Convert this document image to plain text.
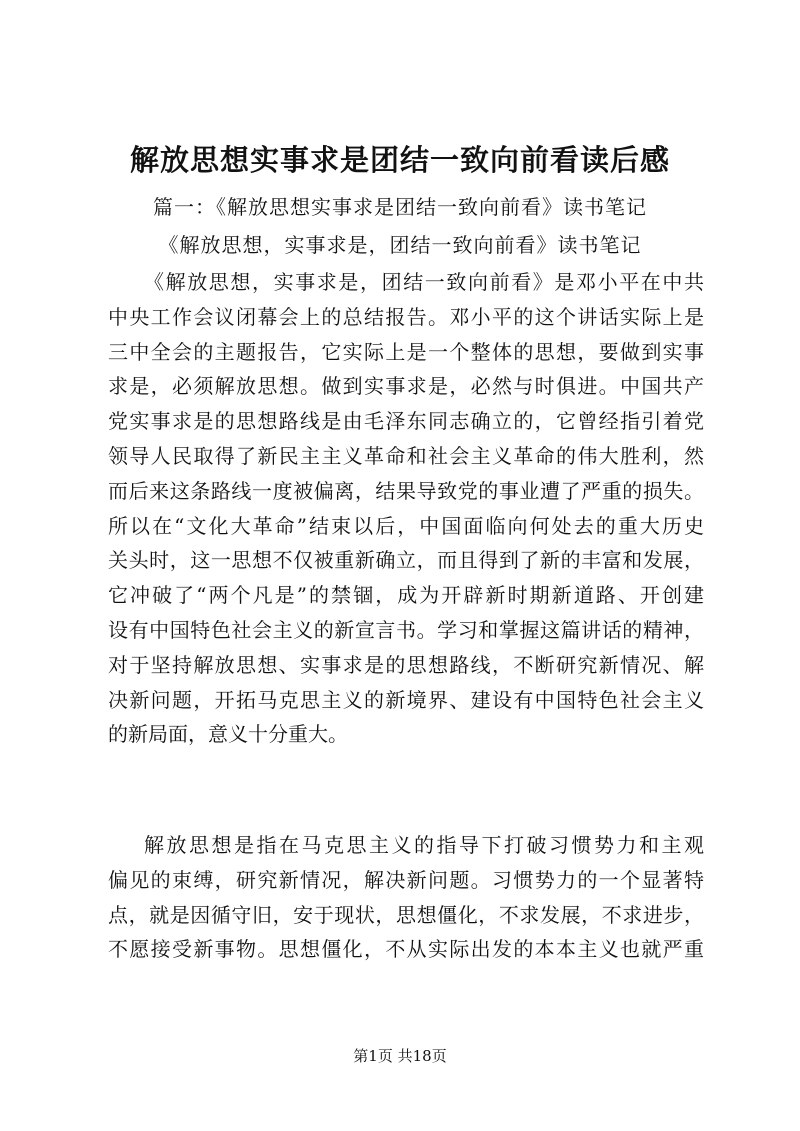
解放思想实事求是团结一致向前看读后感
篇一：《解放思想实事求是团结一致向前看》读书笔记
《解放思想，实事求是，团结一致向前看》读书笔记
《解放思想，实事求是，团结一致向前看》是邓小平在中共
中央工作会议闭幕会上的总结报告。邓小平的这个讲话实际上是
三中全会的主题报告，它实际上是一个整体的思想，要做到实事
求是，必须解放思想。做到实事求是，必然与时俱进。中国共产
党实事求是的思想路线是由毛泽东同志确立的，它曾经指引着党
领导人民取得了新民主主义革命和社会主义革命的伟大胜利，然
而后来这条路线一度被偏离，结果导致党的事业遭了严重的损失。
所以在“文化大革命”结束以后，中国面临向何处去的重大历史
关头时，这一思想不仅被重新确立，而且得到了新的丰富和发展，
它冲破了“两个凡是”的禁锢，成为开辟新时期新道路、开创建
设有中国特色社会主义的新宣言书。学习和掌握这篇讲话的精神，
对于坚持解放思想、实事求是的思想路线，不断研究新情况、解
决新问题，开拓马克思主义的新境界、建设有中国特色社会主义
的新局面，意义十分重大。
解放思想是指在马克思主义的指导下打破习惯势力和主观
偏见的束缚，研究新情况，解决新问题。习惯势力的一个显著特
点，就是因循守旧，安于现状，思想僵化，不求发展，不求进步，
不愿接受新事物。思想僵化，不从实际出发的本本主义也就严重
第1页 共18页
